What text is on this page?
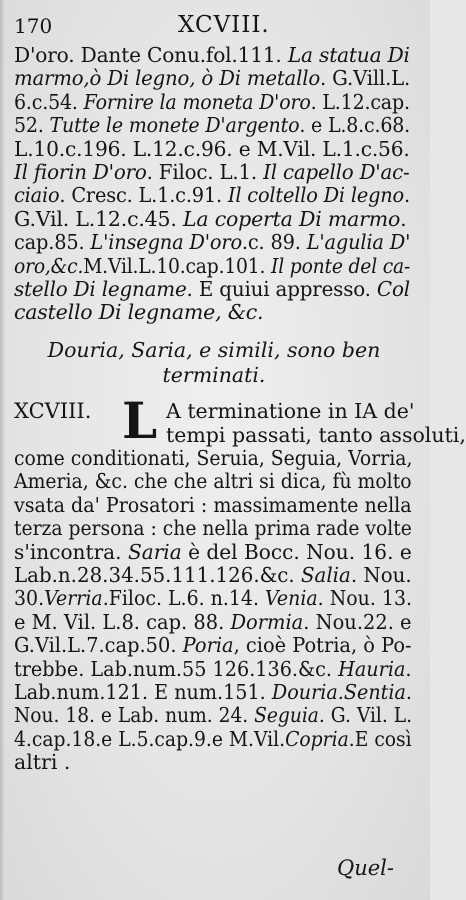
170	XCVIII.
D'oro. Dante Conu.fol.111. La statua Di
marmo,ò Di legno, ò Di metallo. G.Vill.L.
6.c.54. Fornire la moneta D'oro. L.12.cap.
52. Tutte le monete D'argento. e L.8.c.68.
L.10.c.196. L.12.c.96. e M.Vil. L.1.c.56.
Il fiorin D'oro. Filoc. L.1. Il capello D'ac-
ciaio. Cresc. L.1.c.91. Il coltello Di legno.
G.Vil. L.12.c.45. La coperta Di marmo.
cap.85. L'insegna D'oro.c. 89. L'agulia D'
oro,&c.M.Vil.L.10.cap.101. Il ponte del ca-
stello Di legname. E quiui appresso. Col
castello Di legname, &c.
Douria, Saria, e simili, sono ben
terminati.
XCVIII. L A terminatione in IA de'
tempi passati, tanto assoluti,
come conditionati, Seruia, Seguia, Vorria,
Ameria, &c. che che altri si dica, fù molto
vsata da' Prosatori : massimamente nella
terza persona : che nella prima rade volte
s'incontra. Saria è del Bocc. Nou. 16. e
Lab.n.28.34.55.111.126.&c. Salia. Nou.
30.Verria.Filoc. L.6. n.14. Venia. Nou. 13.
e M. Vil. L.8. cap. 88. Dormia. Nou.22. e
G.Vil.L.7.cap.50. Poria, cioè Potria, ò Po-
trebbe. Lab.num.55 126.136.&c. Hauria.
Lab.num.121. E num.151. Douria.Sentia.
Nou. 18. e Lab. num. 24. Seguia. G. Vil. L.
4.cap.18.e L.5.cap.9.e M.Vil.Copria.E così
altri .
Quel-
